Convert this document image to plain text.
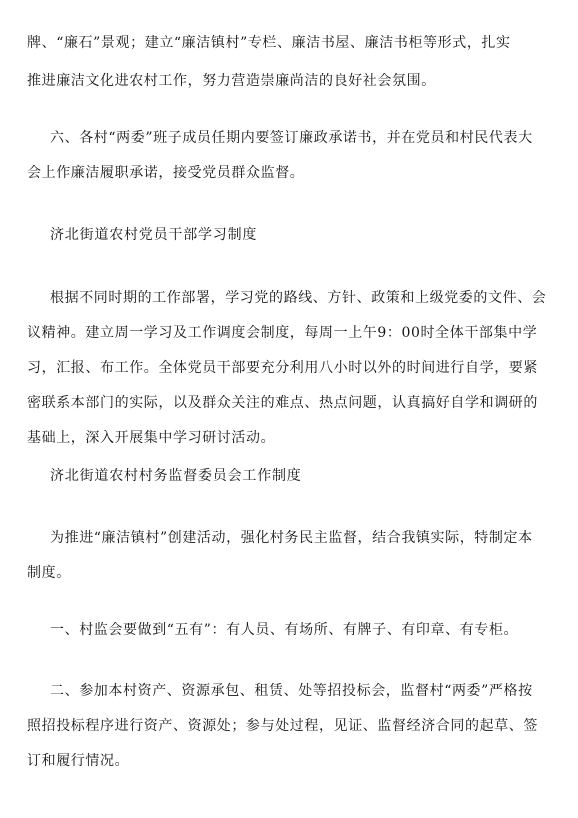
牌、“廉石”景观；建立“廉洁镇村”专栏、廉洁书屋、廉洁书柜等形式，扎实
推进廉洁文化进农村工作，努力营造崇廉尚洁的良好社会氛围。
六、各村“两委”班子成员任期内要签订廉政承诺书，并在党员和村民代表大
会上作廉洁履职承诺，接受党员群众监督。
济北街道农村党员干部学习制度
根据不同时期的工作部署，学习党的路线、方针、政策和上级党委的文件、会
议精神。建立周一学习及工作调度会制度，每周一上午9：00时全体干部集中学
习，汇报、布工作。全体党员干部要充分利用八小时以外的时间进行自学，要紧
密联系本部门的实际，以及群众关注的难点、热点问题，认真搞好自学和调研的
基础上，深入开展集中学习研讨活动。
济北街道农村村务监督委员会工作制度
为推进“廉洁镇村”创建活动，强化村务民主监督，结合我镇实际，特制定本
制度。
一、村监会要做到“五有”：有人员、有场所、有牌子、有印章、有专柜。
二、参加本村资产、资源承包、租赁、处等招投标会，监督村“两委”严格按
照招投标程序进行资产、资源处；参与处过程，见证、监督经济合同的起草、签
订和履行情况。
